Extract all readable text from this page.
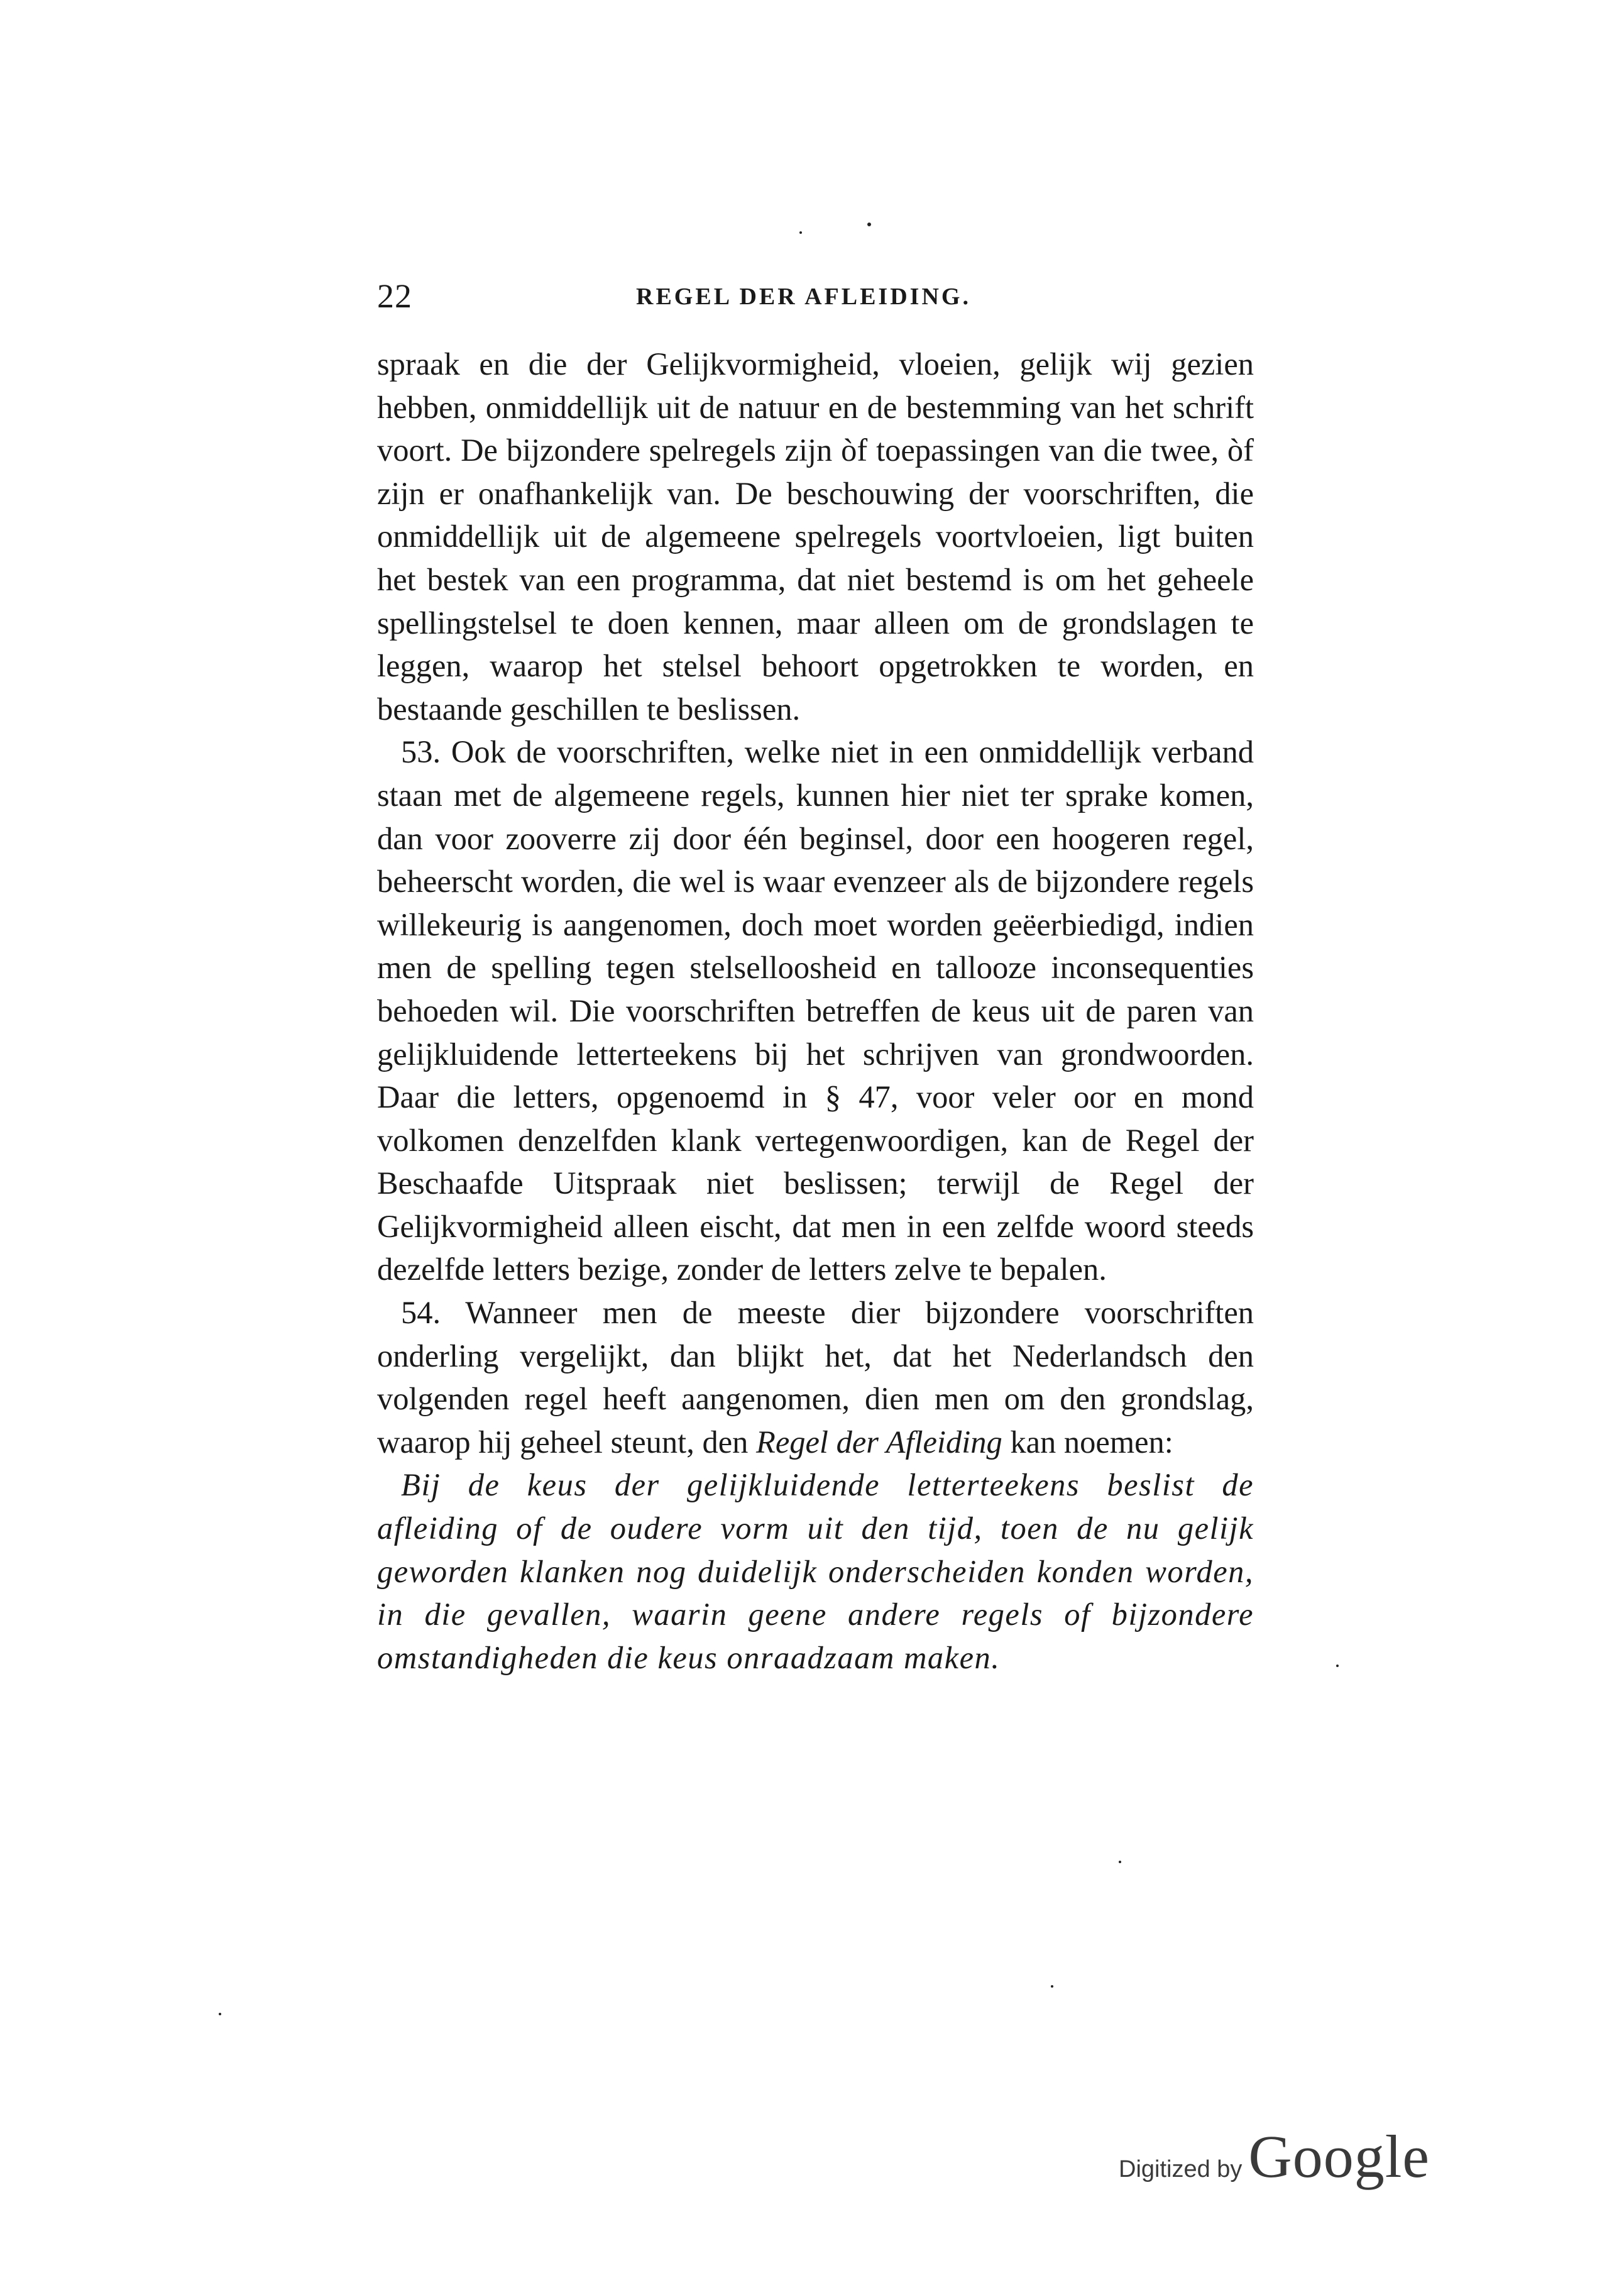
22	REGEL DER AFLEIDING.

spraak en die der Gelijkvormigheid, vloeien, gelijk wij gezien hebben, onmiddellijk uit de natuur en de bestemming van het schrift voort. De bijzondere spelregels zijn òf toepassingen van die twee, òf zijn er onafhankelijk van. De beschouwing der voorschriften, die onmiddellijk uit de algemeene spelregels voortvloeien, ligt buiten het bestek van een programma, dat niet bestemd is om het geheele spellingstelsel te doen kennen, maar alleen om de grondslagen te leggen, waarop het stelsel behoort opgetrokken te worden, en bestaande geschillen te beslissen.

53. Ook de voorschriften, welke niet in een onmiddellijk verband staan met de algemeene regels, kunnen hier niet ter sprake komen, dan voor zooverre zij door één beginsel, door een hoogeren regel, beheerscht worden, die wel is waar evenzeer als de bijzondere regels willekeurig is aangenomen, doch moet worden geëerbiedigd, indien men de spelling tegen stelselloosheid en tallooze inconsequenties behoeden wil. Die voorschriften betreffen de keus uit de paren van gelijkluidende letterteekens bij het schrijven van grondwoorden. Daar die letters, opgenoemd in § 47, voor veler oor en mond volkomen denzelfden klank vertegenwoordigen, kan de Regel der Beschaafde Uitspraak niet beslissen; terwijl de Regel der Gelijkvormigheid alleen eischt, dat men in een zelfde woord steeds dezelfde letters bezige, zonder de letters zelve te bepalen.

54. Wanneer men de meeste dier bijzondere voorschriften onderling vergelijkt, dan blijkt het, dat het Nederlandsch den volgenden regel heeft aangenomen, dien men om den grondslag, waarop hij geheel steunt, den Regel der Afleiding kan noemen:

Bij de keus der gelijkluidende letterteekens beslist de afleiding of de oudere vorm uit den tijd, toen de nu gelijk geworden klanken nog duidelijk onderscheiden konden worden, in die gevallen, waarin geene andere regels of bijzondere omstandigheden die keus onraadzaam maken.

Digitized by Google
